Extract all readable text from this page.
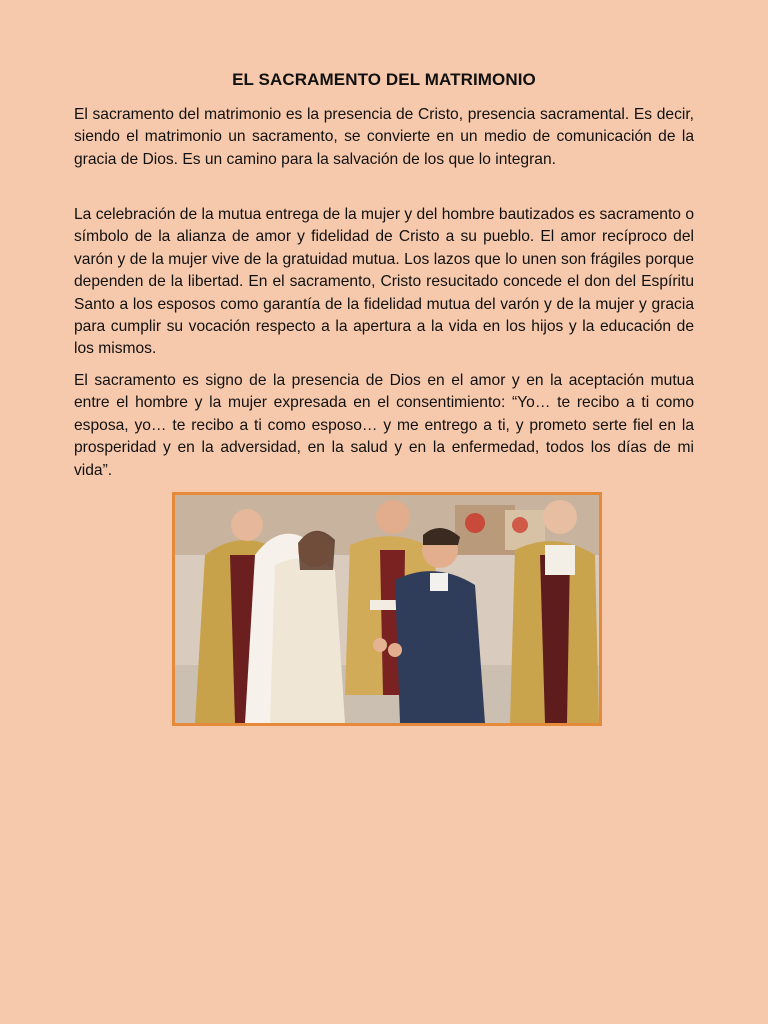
EL SACRAMENTO DEL MATRIMONIO

El sacramento del matrimonio es la presencia de Cristo, presencia sacramental. Es decir, siendo el matrimonio un sacramento, se convierte en un medio de comunicación de la gracia de Dios. Es un camino para la salvación de los que lo integran.

La celebración de la mutua entrega de la mujer y del hombre bautizados es sacramento o símbolo de la alianza de amor y fidelidad de Cristo a su pueblo. El amor recíproco del varón y de la mujer vive de la gratuidad mutua. Los lazos que lo unen son frágiles porque dependen de la libertad. En el sacramento, Cristo resucitado concede el don del Espíritu Santo a los esposos como garantía de la fidelidad mutua del varón y de la mujer y gracia para cumplir su vocación respecto a la apertura a la vida en los hijos y la educación de los mismos.

El sacramento es signo de la presencia de Dios en el amor y en la aceptación mutua entre el hombre y la mujer expresada en el consentimiento: “Yo… te recibo a ti como esposa, yo… te recibo a ti como esposo… y me entrego a ti, y prometo serte fiel en la prosperidad y en la adversidad, en la salud y en la enfermedad, todos los días de mi vida”.
